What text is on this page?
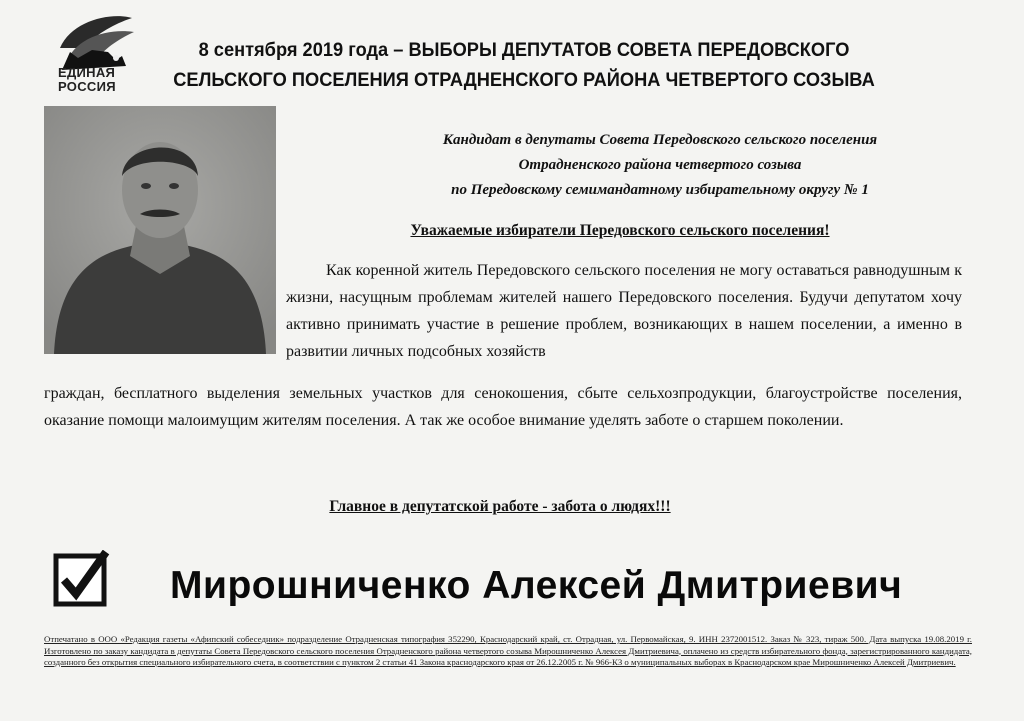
ЕДИНАЯ
РОССИЯ
8 сентября 2019 года – ВЫБОРЫ ДЕПУТАТОВ СОВЕТА ПЕРЕДОВСКОГО
СЕЛЬСКОГО ПОСЕЛЕНИЯ ОТРАДНЕНСКОГО РАЙОНА ЧЕТВЕРТОГО СОЗЫВА
Кандидат в депутаты Совета Передовского сельского поселения
Отрадненского района четвертого созыва
по Передовскому семимандатному избирательному округу № 1
Уважаемые избиратели Передовского сельского поселения!
Как коренной житель Передовского сельского поселения не могу оставаться равнодушным к жизни, насущным проблемам жителей нашего Передовского поселения. Будучи депутатом хочу активно принимать участие в решение проблем, возникающих в нашем поселении, а именно в развитии личных подсобных хозяйств
граждан, бесплатного выделения земельных участков для сенокошения, сбыте сельхозпродукции, благоустройстве поселения, оказание помощи малоимущим жителям поселения. А так же особое внимание уделять заботе о старшем поколении.
Главное в депутатской работе - забота о людях!!!
Мирошниченко Алексей Дмитриевич
Отпечатано в ООО «Редакция газеты «Афипский собеседник» подразделение Отрадненская типография 352290, Краснодарский край, ст. Отрадная, ул. Первомайская, 9. ИНН 2372001512. Заказ № 323, тираж 500. Дата выпуска 19.08.2019 г. Изготовлено по заказу кандидата в депутаты Совета Передовского сельского поселения Отрадненского района четвертого созыва Мирошниченко Алексея Дмитриевича, оплачено из средств избирательного фонда, зарегистрированного кандидата, созданного без открытия специального избирательного счета, в соответствии с пунктом 2 статьи 41 Закона краснодарского края от 26.12.2005 г. № 966-КЗ о муниципальных выборах в Краснодарском крае Мирошниченко Алексей Дмитриевич.
